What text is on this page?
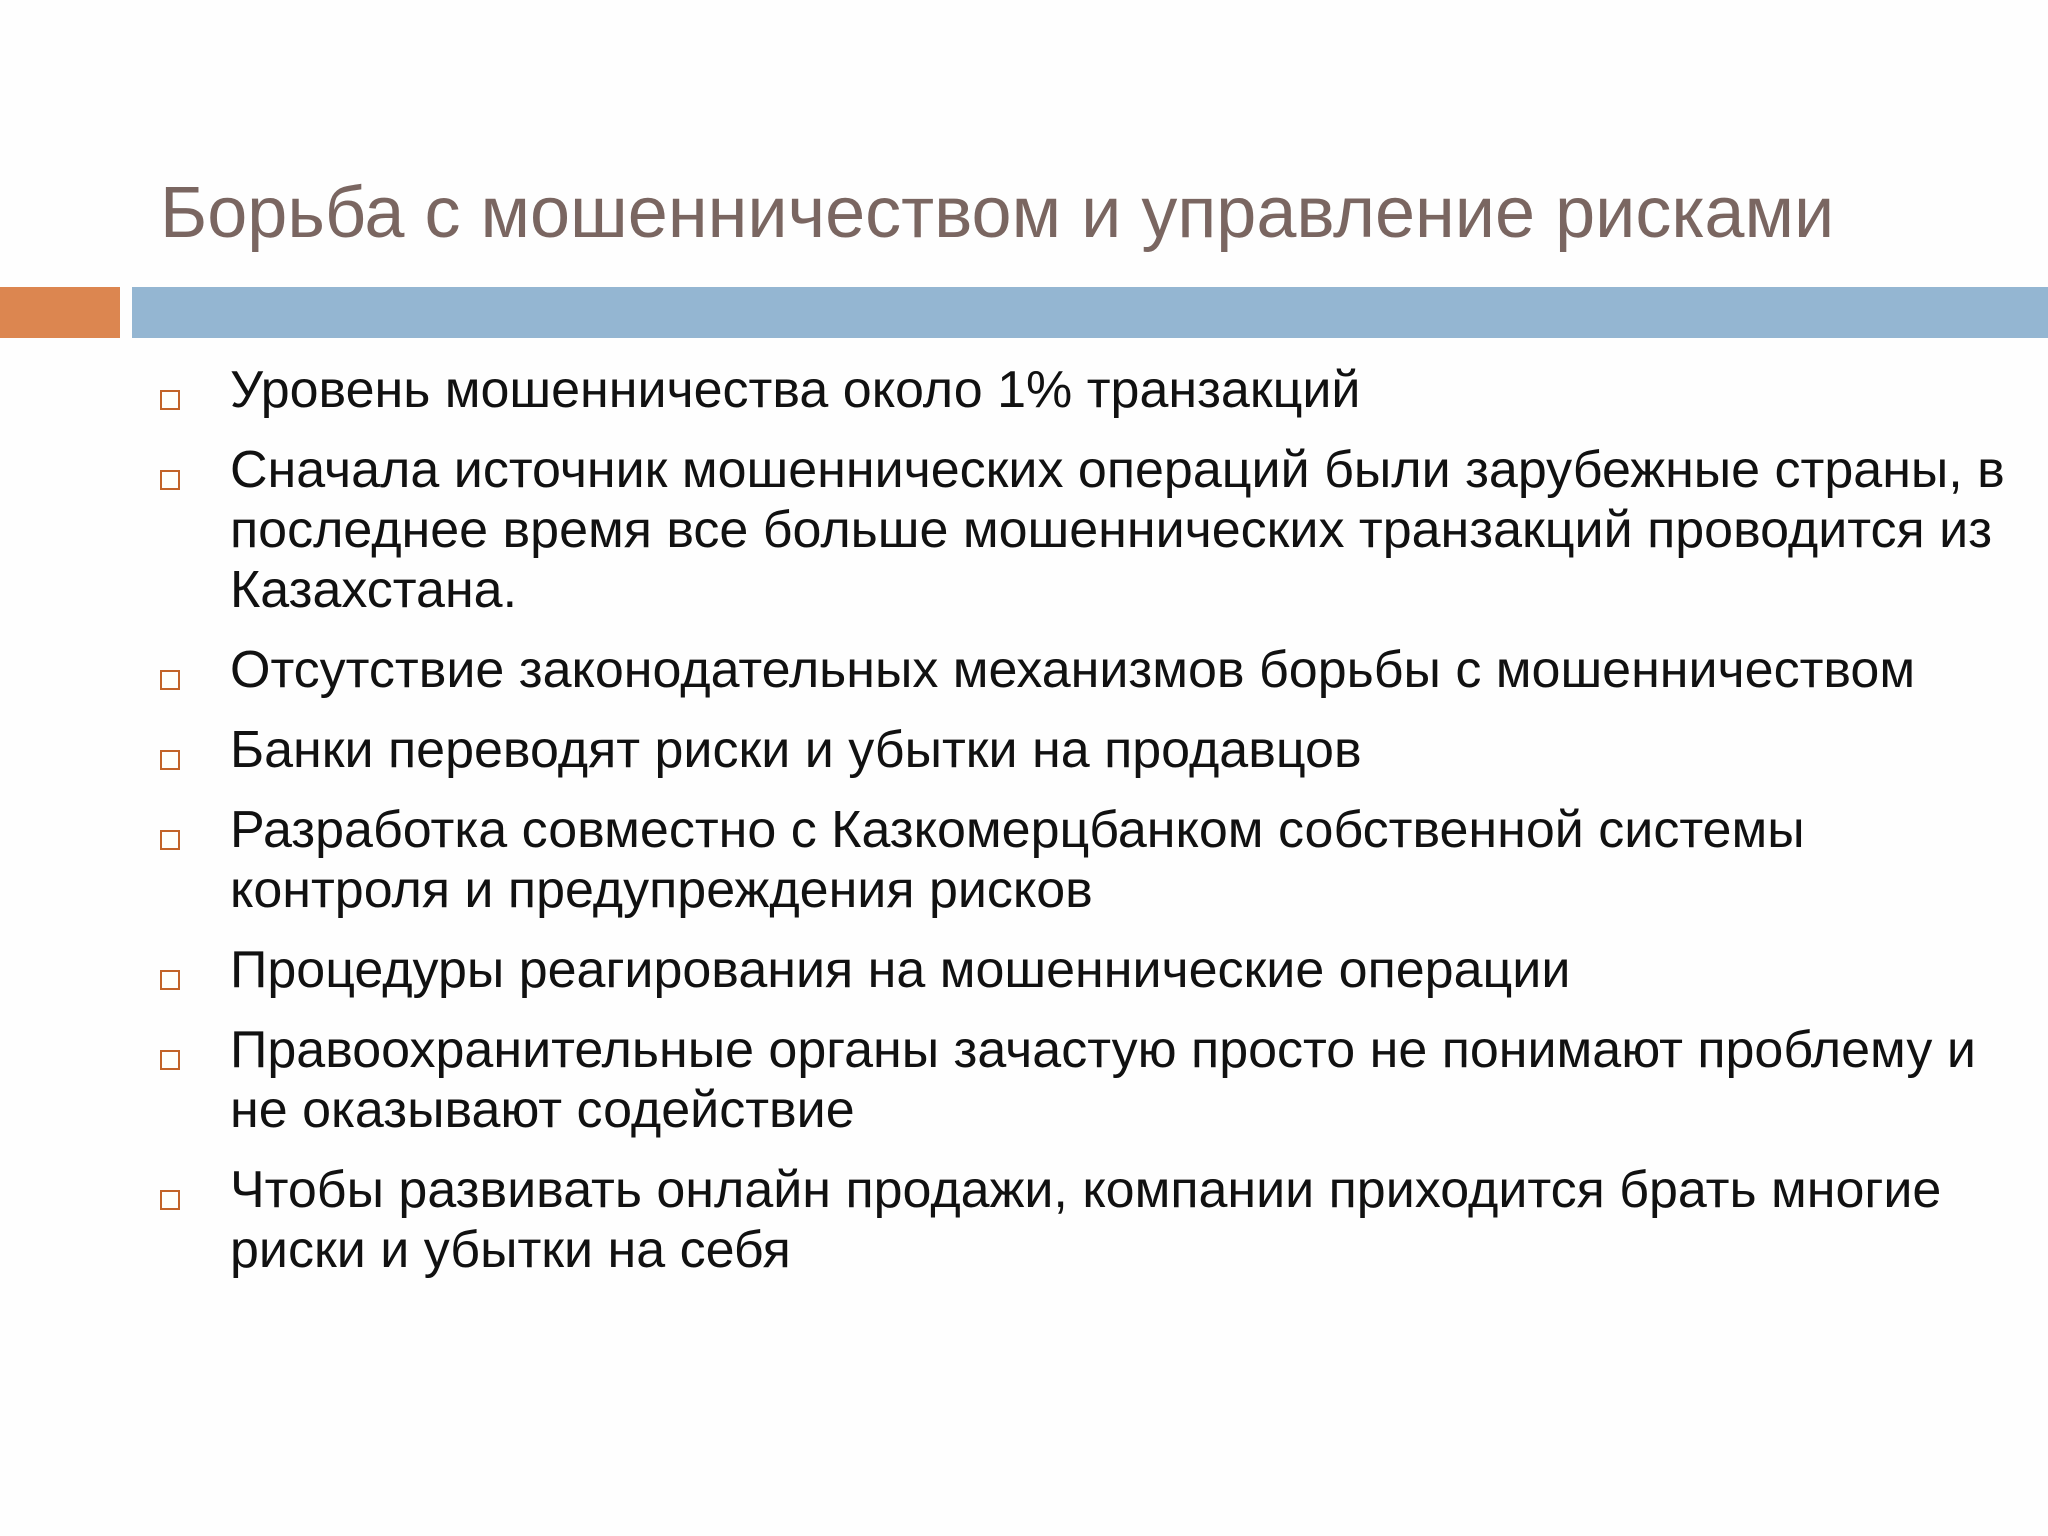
Борьба с мошенничеством и управление рисками
Уровень мошенничества около 1% транзакций
Сначала источник мошеннических операций были зарубежные страны, в последнее время все больше мошеннических транзакций проводится из Казахстана.
Отсутствие законодательных механизмов борьбы с мошенничеством
Банки переводят риски и убытки на продавцов
Разработка совместно с Казкомерцбанком собственной системы контроля и предупреждения рисков
Процедуры реагирования на мошеннические операции
Правоохранительные органы зачастую просто не понимают проблему и не оказывают содействие
Чтобы развивать онлайн продажи, компании приходится брать многие риски и убытки на себя
